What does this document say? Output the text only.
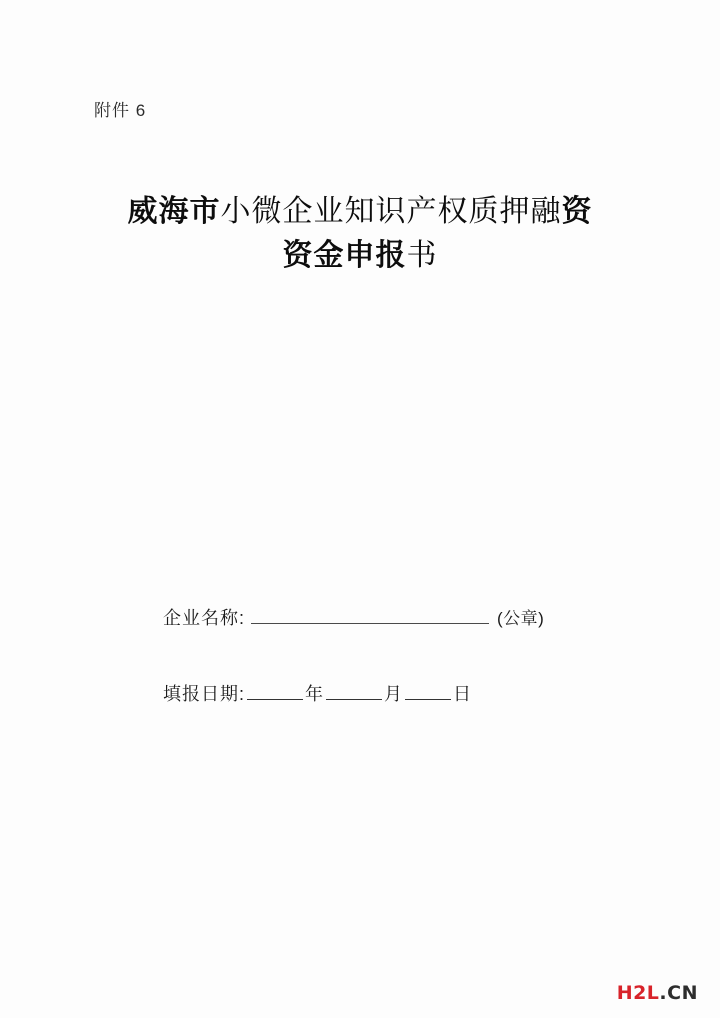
附件 6
威海市小微企业知识产权质押融资
资金申报书
企业名称:	(公章)
填报日期:	年	月	日
H2L.CN
